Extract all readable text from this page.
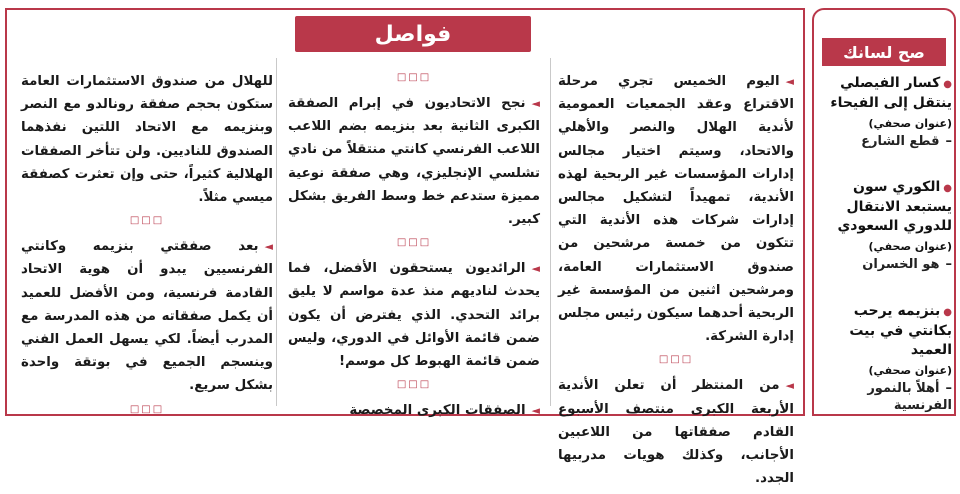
فواصل
◄اليوم الخميس تجري مرحلة الاقتراع وعقد الجمعيات العمومية لأندية الهلال والنصر والأهلي والاتحاد، وسيتم اختيار مجالس إدارات المؤسسات غير الربحية لهذه الأندية، تمهيداً لتشكيل مجالس إدارات شركات هذه الأندية التي تتكون من خمسة مرشحين من صندوق الاستثمارات العامة، ومرشحين اثنين من المؤسسة غير الربحية أحدهما سيكون رئيس مجلس إدارة الشركة.
□□□
◄من المنتظر أن تعلن الأندية الأربعة الكبرى منتصف الأسبوع القادم صفقاتها من اللاعبين الأجانب، وكذلك هويات مدربيها الجدد.
□□□
◄نجح الاتحاديون في إبرام الصفقة الكبرى الثانية بعد بنزيمه بضم اللاعب اللاعب الفرنسي كانتي منتقلاً من نادي تشلسي الإنجليزي، وهي صفقة نوعية مميزة ستدعم خط وسط الفريق بشكل كبير.
□□□
◄الرائديون يستحقون الأفضل، فما يحدث لناديهم منذ عدة مواسم لا يليق برائد التحدي. الذي يفترض أن يكون ضمن قائمة الأوائل في الدوري، وليس ضمن قائمة الهبوط كل موسم!
□□□
◄الصفقات الكبرى المخصصة
للهلال من صندوق الاستثمارات العامة ستكون بحجم صفقة رونالدو مع النصر وبنزيمه مع الاتحاد اللتين نفذهما الصندوق للناديين. ولن تتأخر الصفقات الهلالية كثيراً، حتى وإن تعثرت كصفقة ميسي مثلاً.
□□□
◄بعد صفقتي بنزيمه وكانتي الفرنسيين يبدو أن هوية الاتحاد القادمة فرنسية، ومن الأفضل للعميد أن يكمل صفقاته من هذه المدرسة مع المدرب أيضاً. لكي يسهل العمل الفني وينسجم الجميع في بوتقة واحدة بشكل سريع.
□□□
صح لسانك
●كسار الفيصلي ينتقل إلى الفيحاء
(عنوان صحفي)
–قطع الشارع
●الكوري سون يستبعد الانتقال للدوري السعودي
(عنوان صحفي)
–هو الخسران
●بنزيمه يرحب بكانتي في بيت العميد
(عنوان صحفي)
–أهلاً بالنمور الفرنسية
